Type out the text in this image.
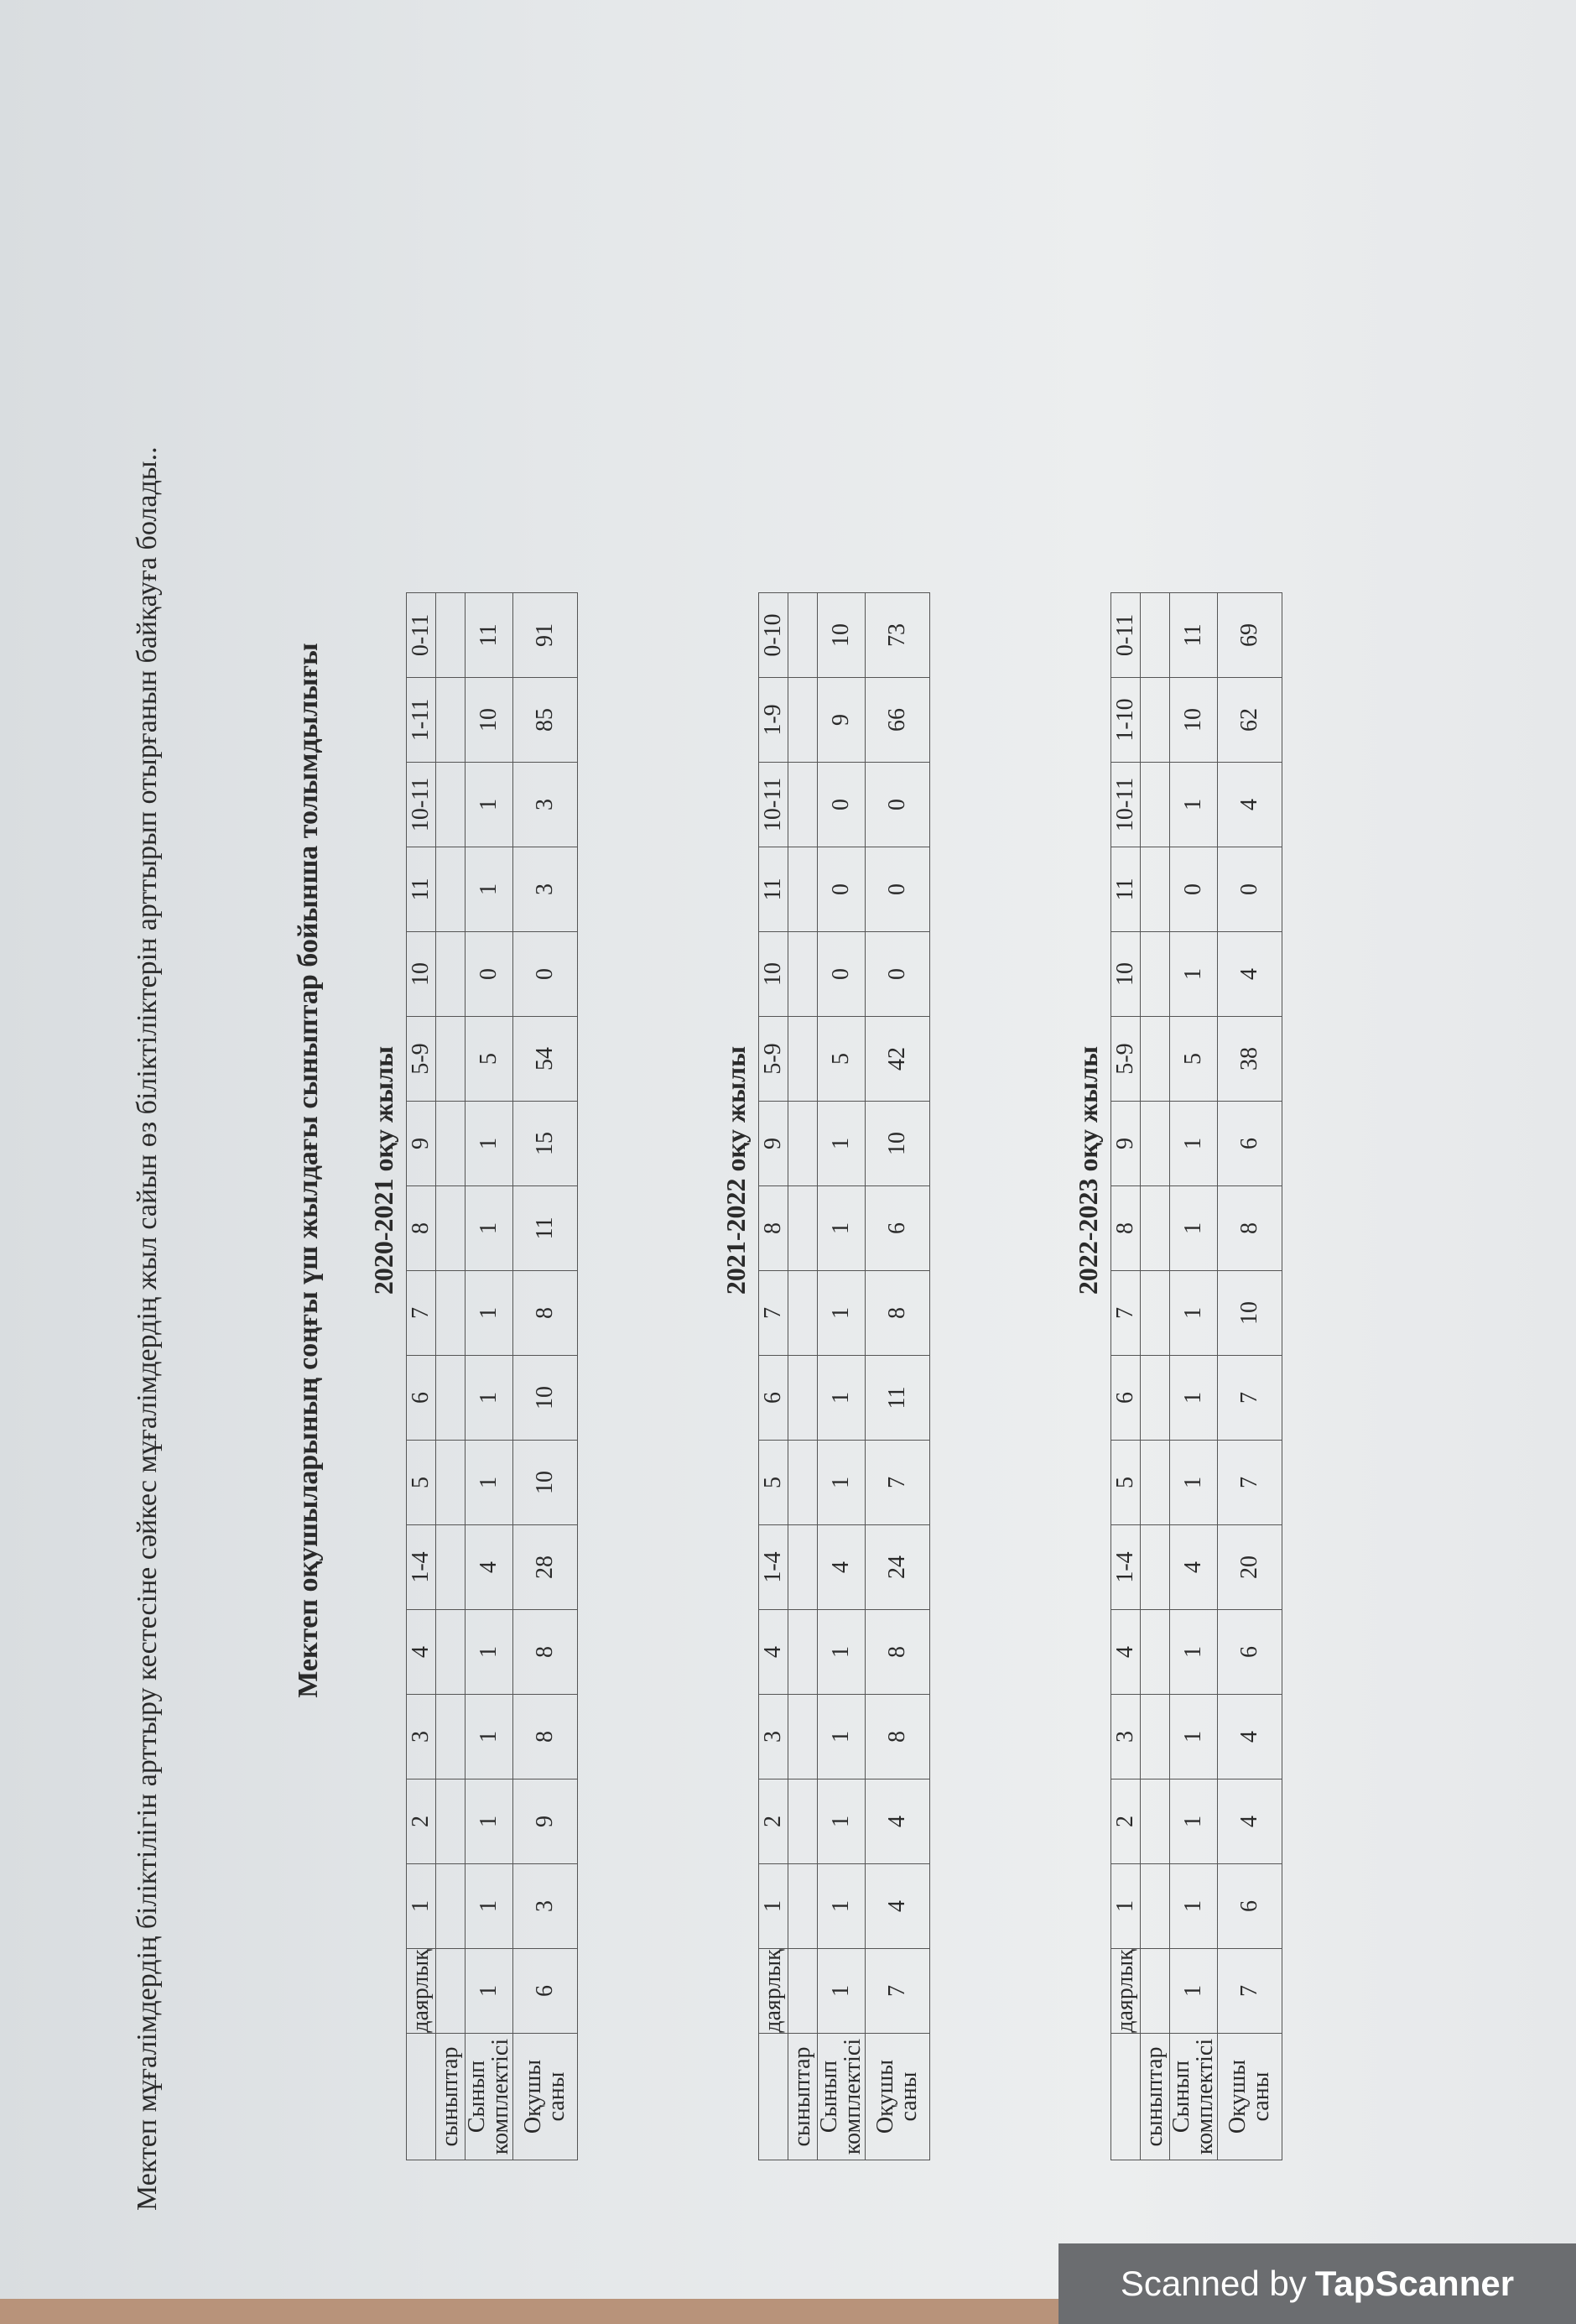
Мектеп мұғалімдердің біліктілігін арттыру кестесіне сәйкес мұғалімдердің жыл сайын өз біліктіліктерін арттырып отырғанын байқауға болады..	Мектеп оқушыларының соңғы үш жылдағы сыныптар бойынша толымдылығы 2020-2021 оқу жылы
	даярлық	1	2	3	4	1-4	5	6	7	8	9	5-9	10	11	10-11	1-11	0-11
сыныптар																	
Сынып комплектісі	1	1	1	1	1	4	1	1	1	1	1	5	0	1	1	10	11
Оқушы саны	6	3	9	8	8	28	10	10	8	11	15	54	0	3	3	85	91
2021-2022 оқу жылы
	даярлық	1	2	3	4	1-4	5	6	7	8	9	5-9	10	11	10-11	1-9	0-10
сыныптар																	
Сынып комплектісі	1	1	1	1	1	4	1	1	1	1	1	5	0	0	0	9	10
Оқушы саны	7	4	4	8	8	24	7	11	8	6	10	42	0	0	0	66	73
2022-2023 оқу жылы
	даярлық	1	2	3	4	1-4	5	6	7	8	9	5-9	10	11	10-11	1-10	0-11
сыныптар																	
Сынып комплектісі	1	1	1	1	1	4	1	1	1	1	1	5	1	0	1	10	11
Оқушы саны	7	6	4	4	6	20	7	7	10	8	6	38	4	0	4	62	69
Scanned by TapScanner
